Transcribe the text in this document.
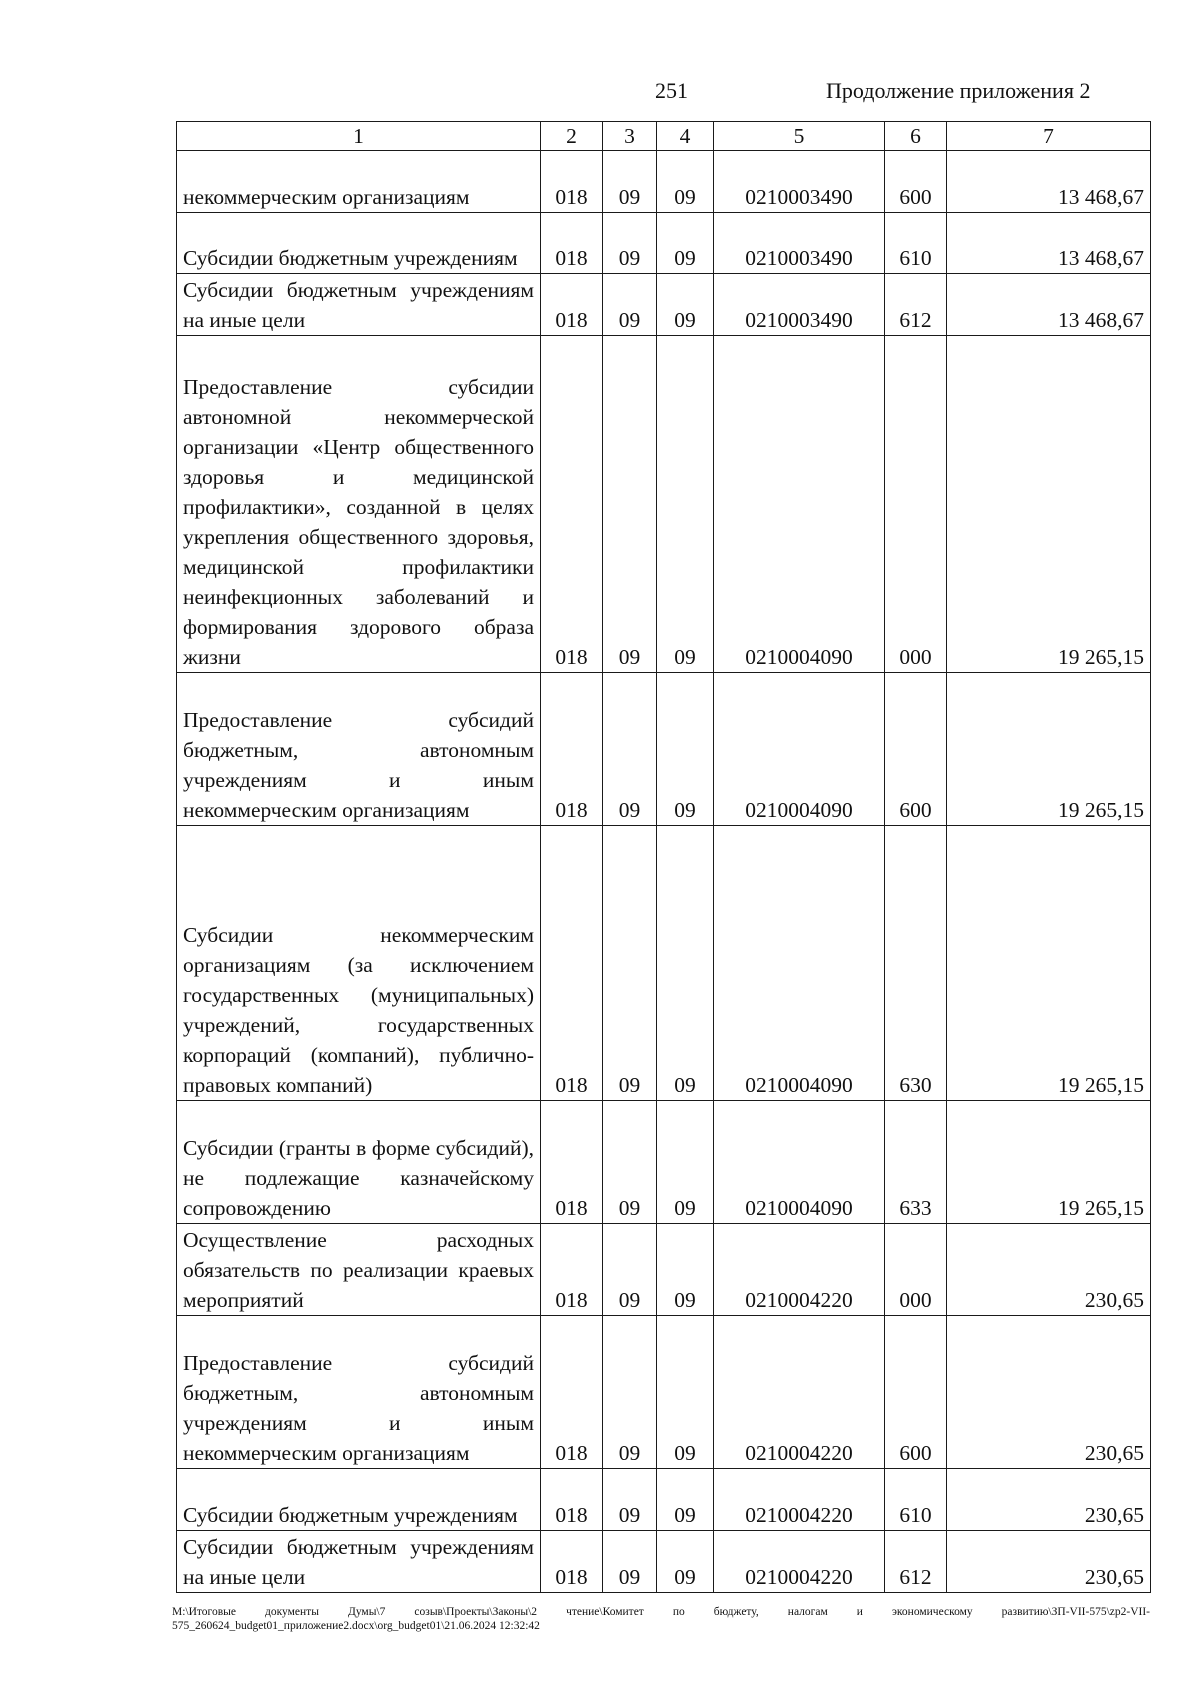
251	Продолжение приложения 2
1	2	3	4	5	6	7
некоммерческим организациям	018	09	09	0210003490	600	13 468,67
Субсидии бюджетным учреждениям	018	09	09	0210003490	610	13 468,67
Субсидии бюджетным учреждениям на иные цели	018	09	09	0210003490	612	13 468,67
Предоставление субсидии автономной некоммерческой организации «Центр общественного здоровья и медицинской профилактики», созданной в целях укрепления общественного здоровья, медицинской профилактики неинфекционных заболеваний и формирования здорового образа жизни	018	09	09	0210004090	000	19 265,15
Предоставление субсидий бюджетным, автономным учреждениям и иным некоммерческим организациям	018	09	09	0210004090	600	19 265,15
Субсидии некоммерческим организациям (за исключением государственных (муниципальных) учреждений, государственных корпораций (компаний), публично-правовых компаний)	018	09	09	0210004090	630	19 265,15
Субсидии (гранты в форме субсидий), не подлежащие казначейскому сопровождению	018	09	09	0210004090	633	19 265,15
Осуществление расходных обязательств по реализации краевых мероприятий	018	09	09	0210004220	000	230,65
Предоставление субсидий бюджетным, автономным учреждениям и иным некоммерческим организациям	018	09	09	0210004220	600	230,65
Субсидии бюджетным учреждениям	018	09	09	0210004220	610	230,65
Субсидии бюджетным учреждениям на иные цели	018	09	09	0210004220	612	230,65
M:\Итоговые документы Думы\7 созыв\Проекты\Законы\2 чтение\Комитет по бюджету, налогам и экономическому развитию\ЗП-VII-575\zp2-VII-575_260624_budget01_приложение2.docx\org_budget01\21.06.2024 12:32:42
